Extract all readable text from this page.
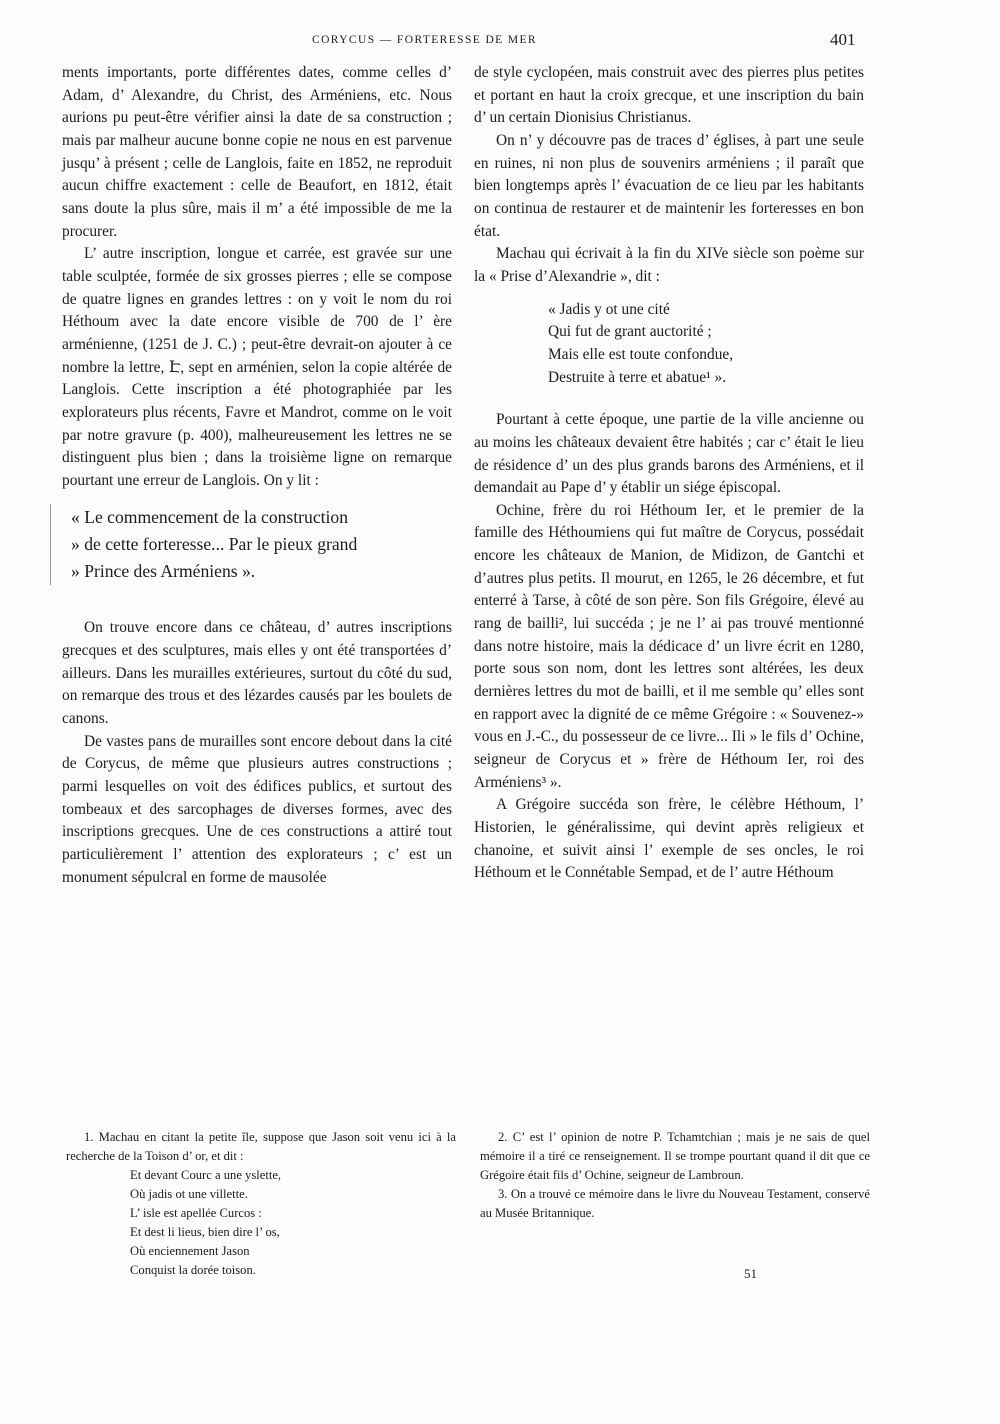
CORYCUS — FORTERESSE DE MER	401

ments importants, porte différentes dates, comme celles d’ Adam, d’ Alexandre, du Christ, des Arméniens, etc. Nous aurions pu peut-être vérifier ainsi la date de sa construction ; mais par malheur aucune bonne copie ne nous en est parvenue jusqu’ à présent ; celle de Langlois, faite en 1852, ne reproduit aucun chiffre exactement : celle de Beaufort, en 1812, était sans doute la plus sûre, mais il m’ a été impossible de me la procurer.

L’ autre inscription, longue et carrée, est gravée sur une table sculptée, formée de six grosses pierres ; elle se compose de quatre lignes en grandes lettres : on y voit le nom du roi Héthoum avec la date encore visible de 700 de l’ ère arménienne, (1251 de J. C.) ; peut-être devrait-on ajouter à ce nombre la lettre, Է, sept en arménien, selon la copie altérée de Langlois. Cette inscription a été photographiée par les explorateurs plus récents, Favre et Mandrot, comme on le voit par notre gravure (p. 400), malheureusement les lettres ne se distinguent plus bien ; dans la troisième ligne on remarque pourtant une erreur de Langlois. On y lit :

« Le commencement de la construction
» de cette forteresse... Par le pieux grand
» Prince des Arméniens ».

On trouve encore dans ce château, d’ autres inscriptions grecques et des sculptures, mais elles y ont été transportées d’ ailleurs. Dans les murailles extérieures, surtout du côté du sud, on remarque des trous et des lézardes causés par les boulets de canons.

De vastes pans de murailles sont encore debout dans la cité de Corycus, de même que plusieurs autres constructions ; parmi lesquelles on voit des édifices publics, et surtout des tombeaux et des sarcophages de diverses formes, avec des inscriptions grecques. Une de ces constructions a attiré tout particulièrement l’ attention des explorateurs ; c’ est un monument sépulcral en forme de mausolée

de style cyclopéen, mais construit avec des pierres plus petites et portant en haut la croix grecque, et une inscription du bain d’ un certain Dionisius Christianus.

On n’ y découvre pas de traces d’ églises, à part une seule en ruines, ni non plus de souvenirs arméniens ; il paraît que bien longtemps après l’ évacuation de ce lieu par les habitants on continua de restaurer et de maintenir les forteresses en bon état.

Machau qui écrivait à la fin du XIVe siècle son poème sur la « Prise d’Alexandrie », dit :

« Jadis y ot une cité
Qui fut de grant auctorité ;
Mais elle est toute confondue,
Destruite à terre et abatue¹ ».

Pourtant à cette époque, une partie de la ville ancienne ou au moins les châteaux devaient être habités ; car c’ était le lieu de résidence d’ un des plus grands barons des Arméniens, et il demandait au Pape d’ y établir un siége épiscopal.

Ochine, frère du roi Héthoum Ier, et le premier de la famille des Héthoumiens qui fut maître de Corycus, possédait encore les châteaux de Manion, de Midizon, de Gantchi et d’autres plus petits. Il mourut, en 1265, le 26 décembre, et fut enterré à Tarse, à côté de son père. Son fils Grégoire, élevé au rang de bailli², lui succéda ; je ne l’ ai pas trouvé mentionné dans notre histoire, mais la dédicace d’ un livre écrit en 1280, porte sous son nom, dont les lettres sont altérées, les deux dernières lettres du mot de bailli, et il me semble qu’ elles sont en rapport avec la dignité de ce même Grégoire : « Souvenez-» vous en J.-C., du possesseur de ce livre... Ili » le fils d’ Ochine, seigneur de Corycus et » frère de Héthoum Ier, roi des Arméniens³ ».

A Grégoire succéda son frère, le célèbre Héthoum, l’ Historien, le généralissime, qui devint après religieux et chanoine, et suivit ainsi l’ exemple de ses oncles, le roi Héthoum et le Connétable Sempad, et de l’ autre Héthoum

1. Machau en citant la petite île, suppose que Jason soit venu ici à la recherche de la Toison d’ or, et dit :

Et devant Courc a une yslette,
Où jadis ot une villette.
L’ isle est apellée Curcos :
Et dest li lieus, bien dire l’ os,
Où enciennement Jason
Conquist la dorée toison.

2. C’ est l’ opinion de notre P. Tchamtchian ; mais je ne sais de quel mémoire il a tiré ce renseignement. Il se trompe pourtant quand il dit que ce Grégoire était fils d’ Ochine, seigneur de Lambroun.

3. On a trouvé ce mémoire dans le livre du Nouveau Testament, conservé au Musée Britannique.

51
